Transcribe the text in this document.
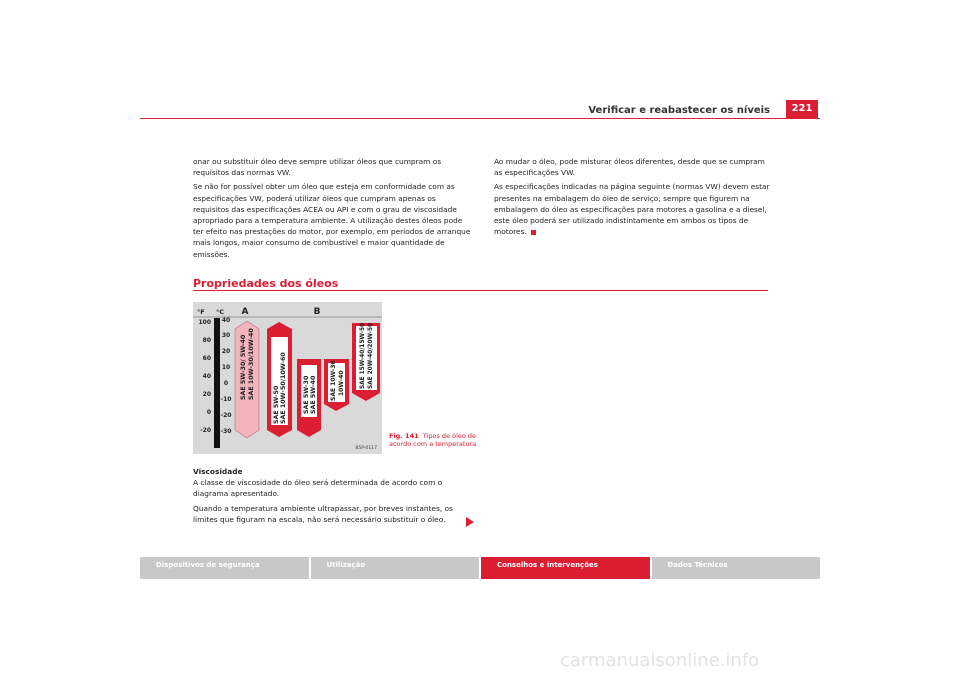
Verificar e reabastecer os níveis	221

onar ou substituir óleo deve sempre utilizar óleos que cumpram os requisitos das normas VW.

Se não for possível obter um óleo que esteja em conformidade com as especificações VW, poderá utilizar óleos que cumpram apenas os requisitos das especificações ACEA ou API e com o grau de viscosidade apropriado para a temperatura ambiente. A utilização destes óleos pode ter efeito nas prestações do motor, por exemplo, em períodos de arranque mais longos, maior consumo de combustível e maior quantidade de emissões.

Ao mudar o óleo, pode misturar óleos diferentes, desde que se cumpram as especificações VW.

As especificações indicadas na página seguinte (normas VW) devem estar presentes na embalagem do óleo de serviço; sempre que figurem na embalagem do óleo as especificações para motores a gasolina e a diesel, este óleo poderá ser utilizado indistintamente em ambos os tipos de motores.

Propriedades dos óleos
A	B
°F °C
100
80
60
40
20
0
-20
40
30
20
10
0
-10
-20
-30
SAE 5W-30/ 5W-40 SAE 10W-30/10W-40
SAE 5W-50 SAE 10W-50/10W-60	SAE 5W-30 SAE 5W-40 SAE 10W-30 10W-40	SAE 15W-40/15W-50 SAE 20W-40/20W-50
B5P-0117
Fig. 141 Tipos de óleo de acordo com a temperatura

Viscosidade

A classe de viscosidade do óleo será determinada de acordo com o diagrama apresentado.

Quando a temperatura ambiente ultrapassar, por breves instantes, os limites que figuram na escala, não será necessário substituir o óleo.

Dispositivos de segurança	Utilização	Conselhos e intervenções	Dados Técnicos
carmanualsonline.info
